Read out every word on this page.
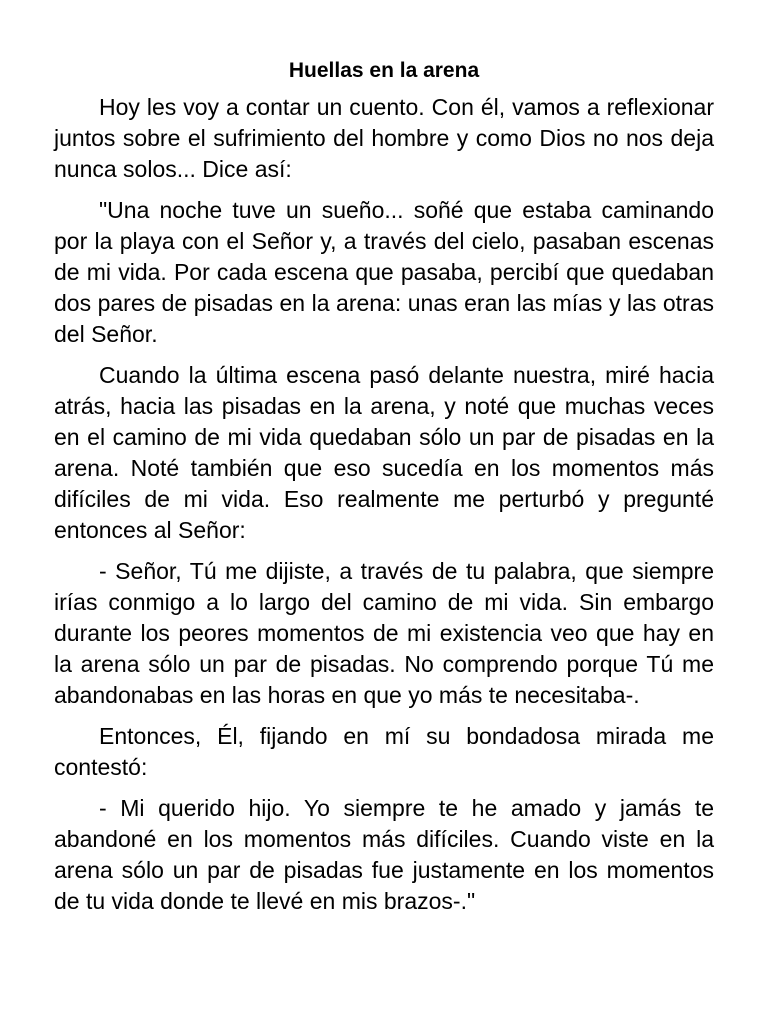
Huellas en la arena

Hoy les voy a contar un cuento. Con él, vamos a reflexionar juntos sobre el sufrimiento del hombre y como Dios no nos deja nunca solos... Dice así:

"Una noche tuve un sueño... soñé que estaba caminando por la playa con el Señor y, a través del cielo, pasaban escenas de mi vida. Por cada escena que pasaba, percibí que quedaban dos pares de pisadas en la arena: unas eran las mías y las otras del Señor.

Cuando la última escena pasó delante nuestra, miré hacia atrás, hacia las pisadas en la arena, y noté que muchas veces en el camino de mi vida quedaban sólo un par de pisadas en la arena. Noté también que eso sucedía en los momentos más difíciles de mi vida. Eso realmente me perturbó y pregunté entonces al Señor:

- Señor, Tú me dijiste, a través de tu palabra, que siempre irías conmigo a lo largo del camino de mi vida. Sin embargo durante los peores momentos de mi existencia veo que hay en la arena sólo un par de pisadas. No comprendo porque Tú me abandonabas en las horas en que yo más te necesitaba-.

Entonces, Él, fijando en mí su bondadosa mirada me contestó:

- Mi querido hijo. Yo siempre te he amado y jamás te abandoné en los momentos más difíciles. Cuando viste en la arena sólo un par de pisadas fue justamente en los momentos de tu vida donde te llevé en mis brazos-."
